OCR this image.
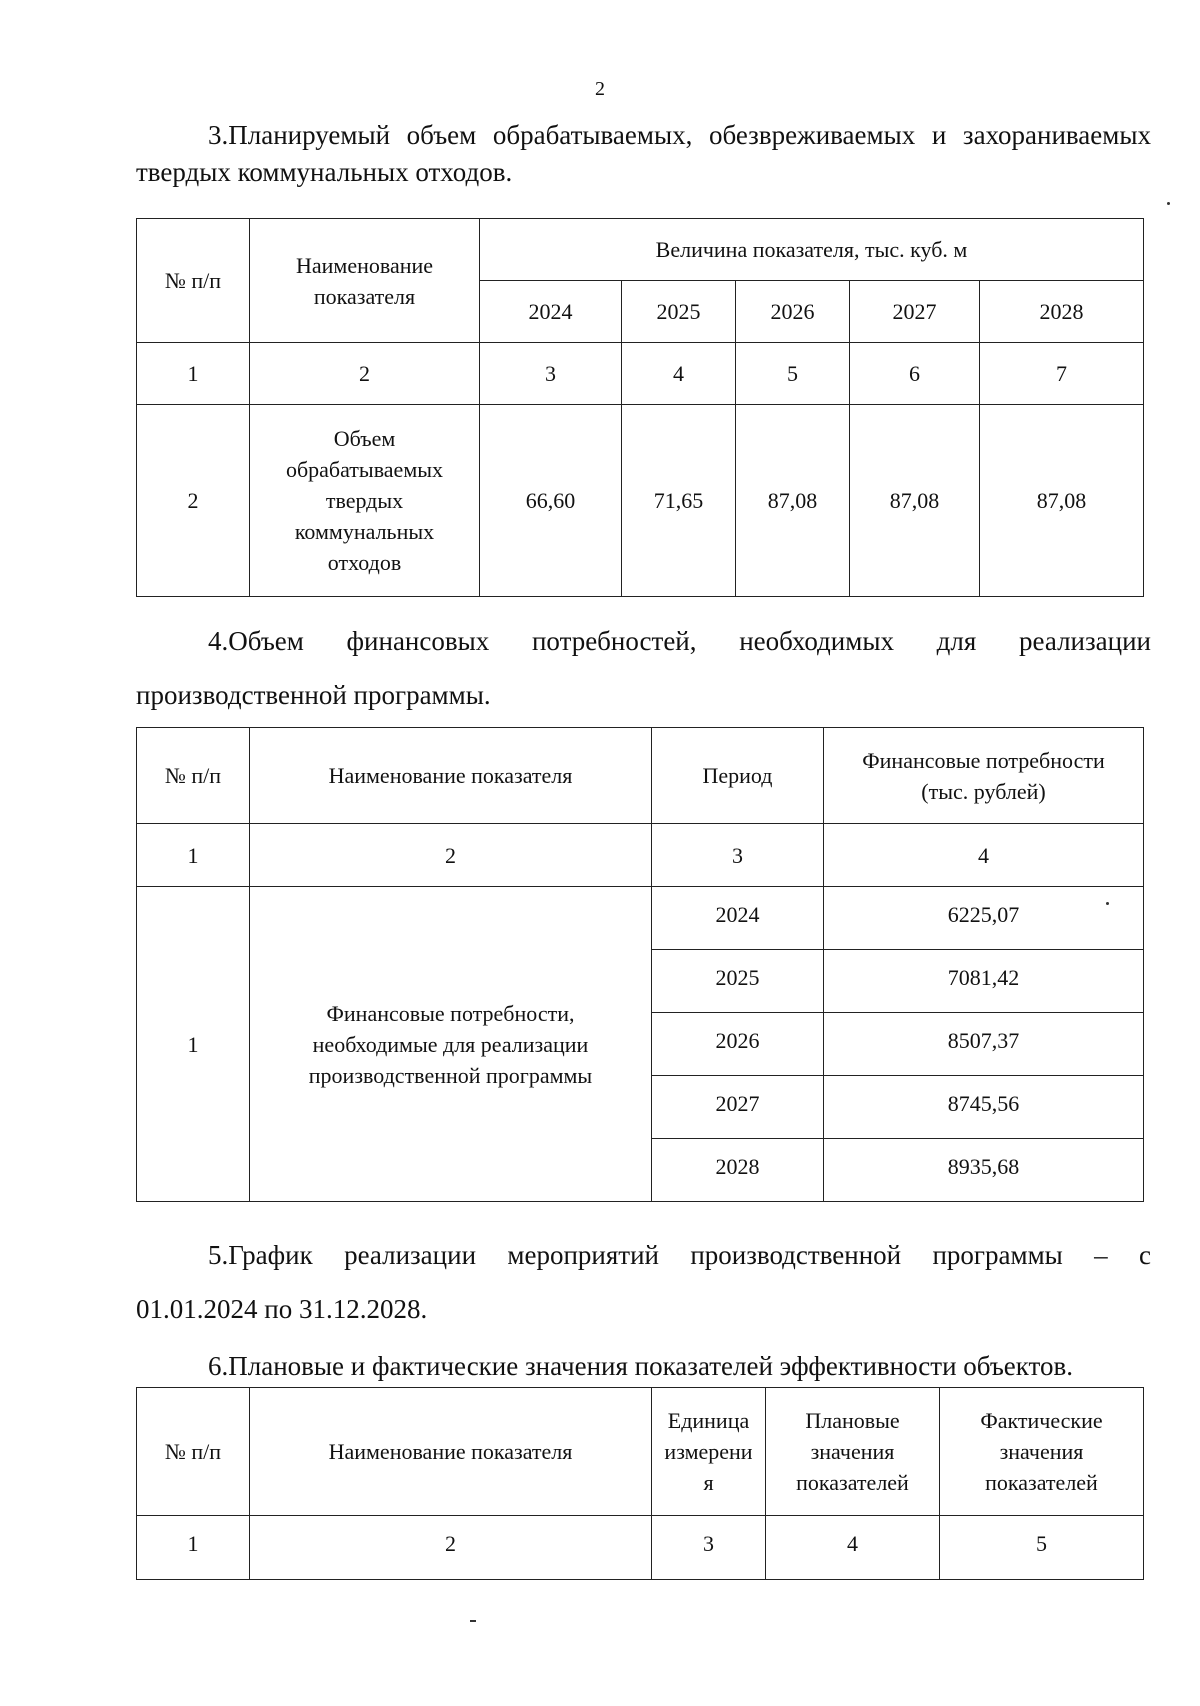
2

3.Планируемый объем обрабатываемых, обезвреживаемых и захораниваемых

твердых коммунальных отходов.

№ п/п	Наименование показателя	Величина показателя, тыс. куб. м				
		2024	2025	2026	2027	2028
1	2	3	4	5	6	7
2	Объем обрабатываемых твердых коммунальных отходов	66,60	71,65	87,08	87,08	87,08

4.Объем финансовых потребностей, необходимых для реализации

производственной программы.

№ п/п	Наименование показателя	Период	Финансовые потребности (тыс. рублей)
1	2	3	4
1	Финансовые потребности, необходимые для реализации производственной программы	2024	6225,07
		2025	7081,42
		2026	8507,37
		2027	8745,56
		2028	8935,68

5.График реализации мероприятий производственной программы – с

01.01.2024 по 31.12.2028.

6.Плановые и фактические значения показателей эффективности объектов.

№ п/п	Наименование показателя	Единица измерения	Плановые значения показателей	Фактические значения показателей
1	2	3	4	5
